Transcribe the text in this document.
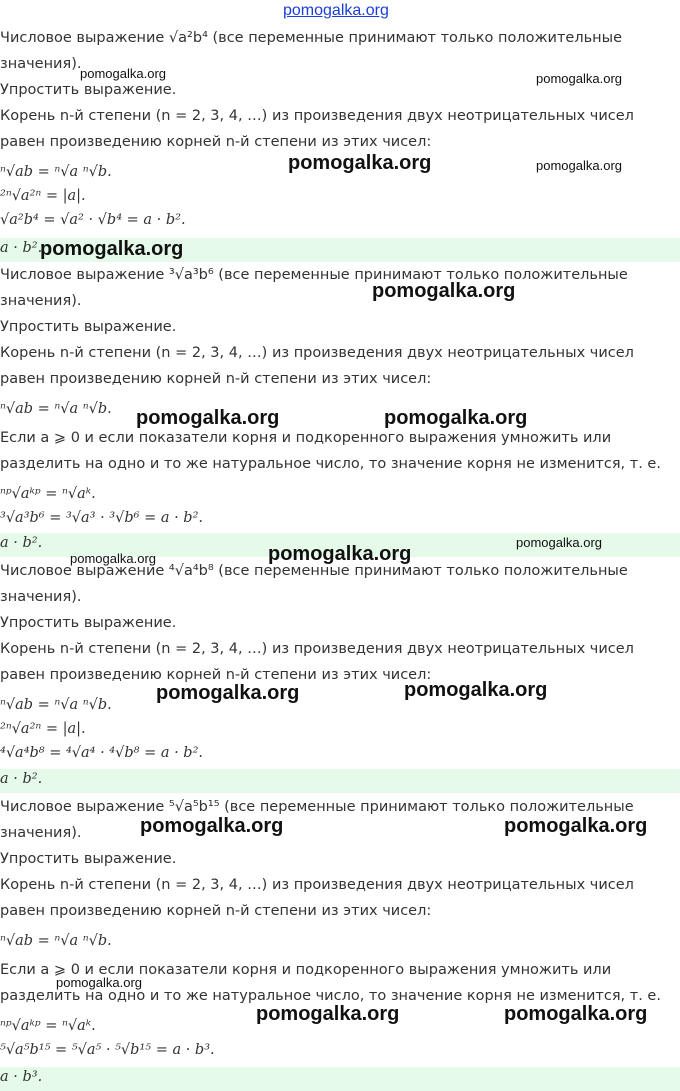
Числовое выражение √a²b⁴ (все переменные принимают только положительные
значения).
Упростить выражение.
Корень n-й степени (n = 2, 3, 4, …) из произведения двух неотрицательных чисел
равен произведению корней n-й степени из этих чисел:
ⁿ√ab = ⁿ√a ⁿ√b.
²ⁿ√a²ⁿ = |a|.
√a²b⁴ = √a² · √b⁴ = a · b².
a · b².
Числовое выражение ³√a³b⁶ (все переменные принимают только положительные
значения).
Упростить выражение.
Корень n-й степени (n = 2, 3, 4, …) из произведения двух неотрицательных чисел
равен произведению корней n-й степени из этих чисел:
ⁿ√ab = ⁿ√a ⁿ√b.
Если a ⩾ 0 и если показатели корня и подкоренного выражения умножить или
разделить на одно и то же натуральное число, то значение корня не изменится, т. е.
ⁿᵖ√aᵏᵖ = ⁿ√aᵏ.
³√a³b⁶ = ³√a³ · ³√b⁶ = a · b².
a · b².
Числовое выражение ⁴√a⁴b⁸ (все переменные принимают только положительные
значения).
Упростить выражение.
Корень n-й степени (n = 2, 3, 4, …) из произведения двух неотрицательных чисел
равен произведению корней n-й степени из этих чисел:
ⁿ√ab = ⁿ√a ⁿ√b.
²ⁿ√a²ⁿ = |a|.
⁴√a⁴b⁸ = ⁴√a⁴ · ⁴√b⁸ = a · b².
a · b².
Числовое выражение ⁵√a⁵b¹⁵ (все переменные принимают только положительные
значения).
Упростить выражение.
Корень n-й степени (n = 2, 3, 4, …) из произведения двух неотрицательных чисел
равен произведению корней n-й степени из этих чисел:
ⁿ√ab = ⁿ√a ⁿ√b.
Если a ⩾ 0 и если показатели корня и подкоренного выражения умножить или
разделить на одно и то же натуральное число, то значение корня не изменится, т. е.
ⁿᵖ√aᵏᵖ = ⁿ√aᵏ.
⁵√a⁵b¹⁵ = ⁵√a⁵ · ⁵√b¹⁵ = a · b³.
a · b³.
pomogalka.org
pomogalka.org	pomogalka.org
pomogalka.org	pomogalka.org
pomogalka.org
pomogalka.org
pomogalka.org	pomogalka.org
pomogalka.org
pomogalka.org	pomogalka.org
pomogalka.org	pomogalka.org
pomogalka.org	pomogalka.org
pomogalka.org
pomogalka.org	pomogalka.org
